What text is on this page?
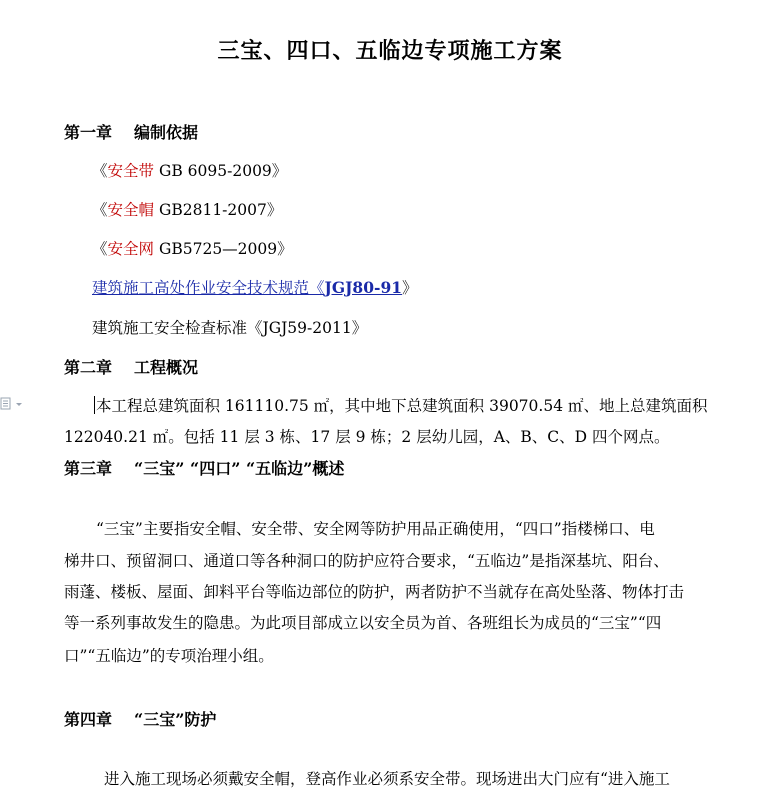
三宝、四口、五临边专项施工方案
第一章 编制依据
《安全带 GB 6095-2009》
《安全帽 GB2811-2007》
《安全网 GB5725—2009》
建筑施工高处作业安全技术规范《JGJ80-91》
建筑施工安全检查标准《JGJ59-2011》
第二章 工程概况
本工程总建筑面积 161110.75 ㎡，其中地下总建筑面积 39070.54 ㎡、地上总建筑面积
122040.21 ㎡。包括 11 层 3 栋、17 层 9 栋；2 层幼儿园，A、B、C、D 四个网点。
第三章 “三宝” “四口” “五临边”概述
“三宝”主要指安全帽、安全带、安全网等防护用品正确使用，“四口”指楼梯口、电
梯井口、预留洞口、通道口等各种洞口的防护应符合要求，“五临边”是指深基坑、阳台、
雨蓬、楼板、屋面、卸料平台等临边部位的防护，两者防护不当就存在高处坠落、物体打击
等一系列事故发生的隐患。为此项目部成立以安全员为首、各班组长为成员的“三宝”“四
口”“五临边”的专项治理小组。
第四章 “三宝”防护
进入施工现场必须戴安全帽，登高作业必须系安全带。现场进出大门应有“进入施工
